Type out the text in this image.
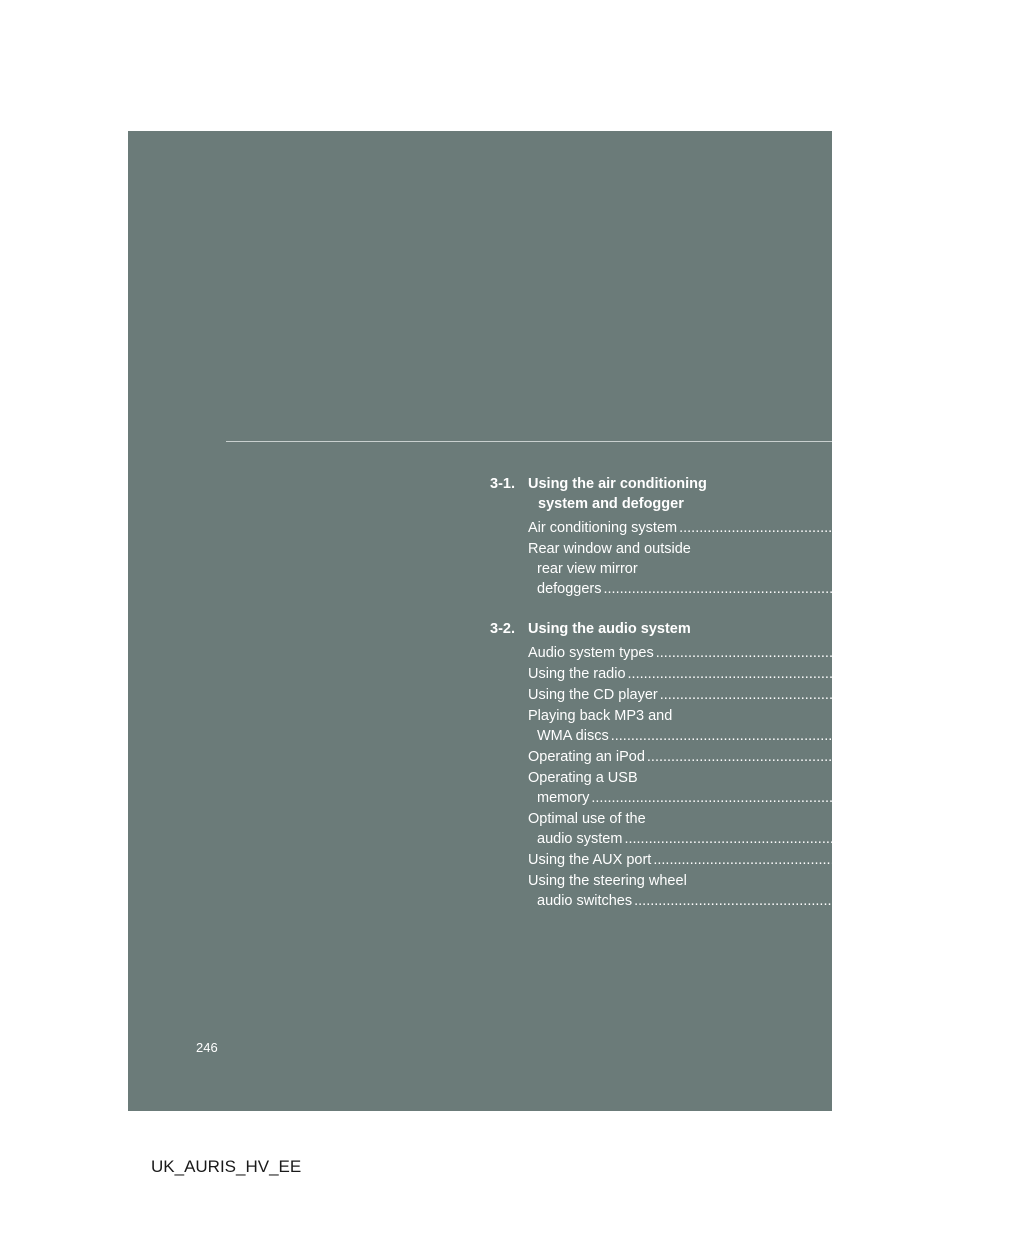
246
3-1. Using the air conditioning
system and defogger
Air conditioning system .....	248
Rear window and outside
rear view mirror
defoggers .....	254
3-2. Using the audio system
Audio system types .....	255
Using the radio .....	257
Using the CD player .....	262
Playing back MP3 and
WMA discs .....	267
Operating an iPod .....	273
Operating a USB
memory .....	280
Optimal use of the
audio system .....	288
Using the AUX port .....	291
Using the steering wheel
audio switches .....	292
UK_AURIS_HV_EE
